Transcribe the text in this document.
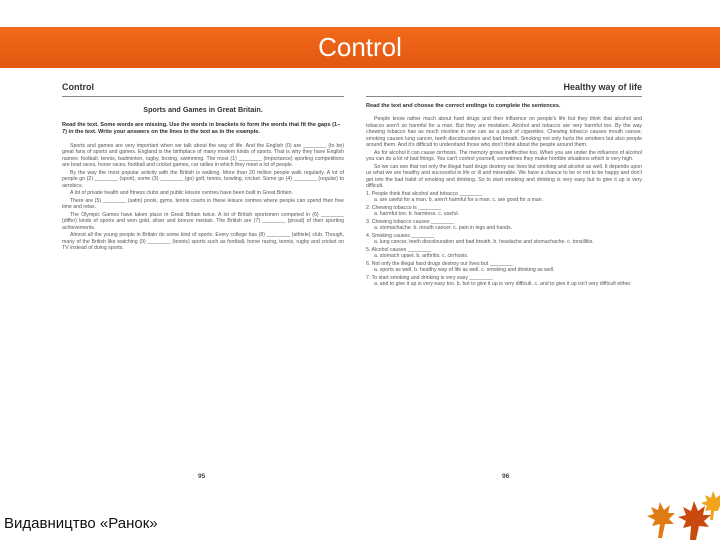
Control
Control
Sports and Games in Great Britain.
Read the text. Some words are missing. Use the words in brackets to form the words that fit the gaps (1–7) in the text. Write your answers on the lines in the text as in the example.

Sports and games are very important when we talk about the way of life. And the English (0) are ________ (to be) great fans of sports and games. England is the birthplace of many modern kinds of sports. That is why they have English names: football, tennis, badminton, rugby, boxing, swimming. The most (1) ________ (importance) sporting competitions are boat races, horse races, football and cricket games, car rallies in which they meet a lot of people.

By the way the most popular activity with the British is walking. More than 20 million people walk regularly. A lot of people go (2) ________ (sport), some (3) ________ (go) golf, tennis, bowling, cricket. Some go (4) ________ (regular) to aerobics.

A lot of private health and fitness clubs and public leisure centres have been built in Great Britain.

There are (5) ________ (satin) pools, gyms, tennis courts in these leisure centres where people can spend their free time and relax.

The Olympic Games have taken place in Great Britain twice. A lot of British sportsmen competed in (6) ________ (differ) kinds of sports and won gold, silver and bronze medals. The British are (7) ________ (proud) of their sporting achievements.

Almost all the young people in Britain do some kind of sports. Every college has (8) ________ (athlete) club. Though, many of the British like watching (9) ________ (tennis) sports such as football, horse racing, tennis, rugby and cricket on TV instead of doing sports.

95
Healthy way of life
Read the text and choose the correct endings to complete the sentences.

People know rather much about hard drugs and their influence on people's life but they think that alcohol and tobacco aren't so harmful for a man. But they are mistaken. Alcohol and tobacco are very harmful too. By the way chewing tobacco has as much nicotine in one can as a pack of cigarettes. Chewing tobacco causes mouth cancer, smoking causes lung cancer, teeth discolouration and bad breath. Smoking not only hurts the smokers but also people around them. And it's difficult to understand those who don't think about the people around them.

As for alcohol it can cause cirrhosis. The memory grows ineffective too. When you are under the influence of alcohol you can do a lot of bad things. You can't control yourself, sometimes they make horrible situations which is very high.

So we can see that not only the illegal hard drugs destroy our lives but smoking and alcohol as well. It depends upon us what we are healthy and successful in life or ill and miserable. We have a chance to be or not to be happy and don't get into the bad habit of smoking and drinking. So to start smoking and drinking is very easy but to give it up is very difficult.

1. People think that alcohol and tobacco ________
a. are useful for a man. b. aren't harmful for a man. c. are good for a man.
2. Chewing tobacco is ________
a. harmful too. b. harmless. c. useful.
3. Chewing tobacco causes ________
a. stomachache. b. mouth cancer. c. pain in legs and hands.
4. Smoking causes ________
a. lung cancer, teeth discolouration and bad breath. b. headache and stomachache. c. tonsillitis.
5. Alcohol causes ________
a. stomach upset. b. arthritis. c. cirrhosis.
6. Not only the illegal hard drugs destroy our lives but ________
a. sports as well. b. healthy way of life as well. c. smoking and drinking as well.
7. To start smoking and drinking is very easy ________
a. and to give it up is very easy too. b. but to give it up is very difficult. c. and to give it up isn't very difficult either.
96
Видавництво «Ранок»
